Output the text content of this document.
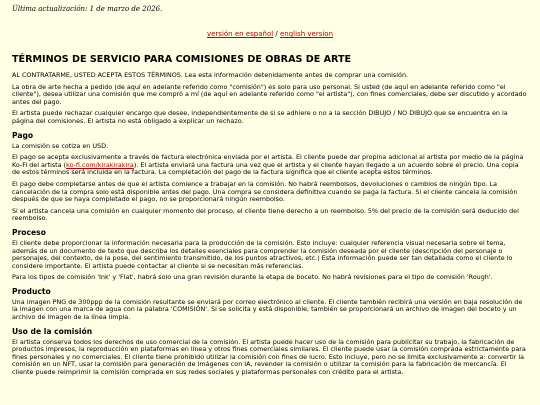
Última actualización: 1 de marzo de 2026.
versión en español / english version
TÉRMINOS DE SERVICIO PARA COMISIONES DE OBRAS DE ARTE

AL CONTRATARME, USTED ACEPTA ESTOS TÉRMINOS. Lea esta información detenidamente antes de comprar una comisión.

La obra de arte hecha a pedido (de aquí en adelante referido como "comisión") es solo para uso personal. Si usted (de aquí en adelante referido como "el cliente"), desea utilizar una comisión que me compró a mí (de aquí en adelante referido como "el artista"), con fines comerciales, debe ser discutido y acordado antes del pago.

El artista puede rechazar cualquier encargo que desee, independientemente de si se adhiere o no a la sección DIBUJO / NO DIBUJO que se encuentra en la página del comisiones. El artista no está obligado a explicar un rechazo.

Pago

La comisión se cotiza en USD.

El pago se acepta exclusivamente a través de factura electrónica enviada por el artista. El cliente puede dar propina adicional al artista por medio de la página Ko-Fi del artista (ko-fi.com/kirakirakira). El artista enviará una factura una vez que el artista y el cliente hayan llegado a un acuerdo sobre el precio. Una copia de estos términos será incluida en la factura. La completación del pago de la factura significa que el cliente acepta estos términos.

El pago debe completarse antes de que el artista comience a trabajar en la comisión. No habrá reembolsos, devoluciones o cambios de ningún tipo. La cancelación de la compra solo está disponible antes del pago. Una compra se considera definitiva cuando se paga la factura. Si el cliente cancela la comisión después de que se haya completado el pago, no se proporcionará ningún reembolso.

Si el artista cancela una comisión en cualquier momento del proceso, el cliente tiene derecho a un reembolso. 5% del precio de la comisión será deducido del reembolso.

Proceso

El cliente debe proporcionar la información necesaria para la producción de la comisión. Esto incluye: cualquier referencia visual necesaria sobre el tema, además de un documento de texto que describa los detalles esenciales para comprender la comisión deseada por el cliente (descripción del personaje o personajes, del contexto, de la pose, del sentimiento transmitido, de los puntos atractivos, etc.) Esta información puede ser tan detallada como el cliente lo considere importante. El artista puede contactar al cliente si se necesitan más referencias.

Para los tipos de comisión 'Ink' y 'Flat', habrá solo una gran revisión durante la etapa de boceto. No habrá revisiones para el tipo de comisión 'Rough'.

Producto

Una imagen PNG de 300ppp de la comisión resultante se enviará por correo electrónico al cliente. El cliente también recibirá una versión en baja resolución de la imagen con una marca de agua con la palabra 'COMISIÓN'. Si se solicita y está disponible, también se proporcionará un archivo de imagen del boceto y un archivo de imagen de la línea limpia.

Uso de la comisión

El artista conserva todos los derechos de uso comercial de la comisión. El artista puede hacer uso de la comisión para publicitar su trabajo, la fabricación de productos impresos, la reproducción en plataformas en línea y otros fines comerciales similares. El cliente puede usar la comisión comprada estrictamente para fines personales y no comerciales. El cliente tiene prohibido utilizar la comisión con fines de lucro. Esto incluye, pero no se limita exclusivamente a: convertir la comisión en un NFT, usar la comisión para generación de imágenes con IA, revender la comisión o utilizar la comisión para la fabricación de mercancía. El cliente puede reimprimir la comisión comprada en sus redes sociales y plataformas personales con crédito para el artista.
